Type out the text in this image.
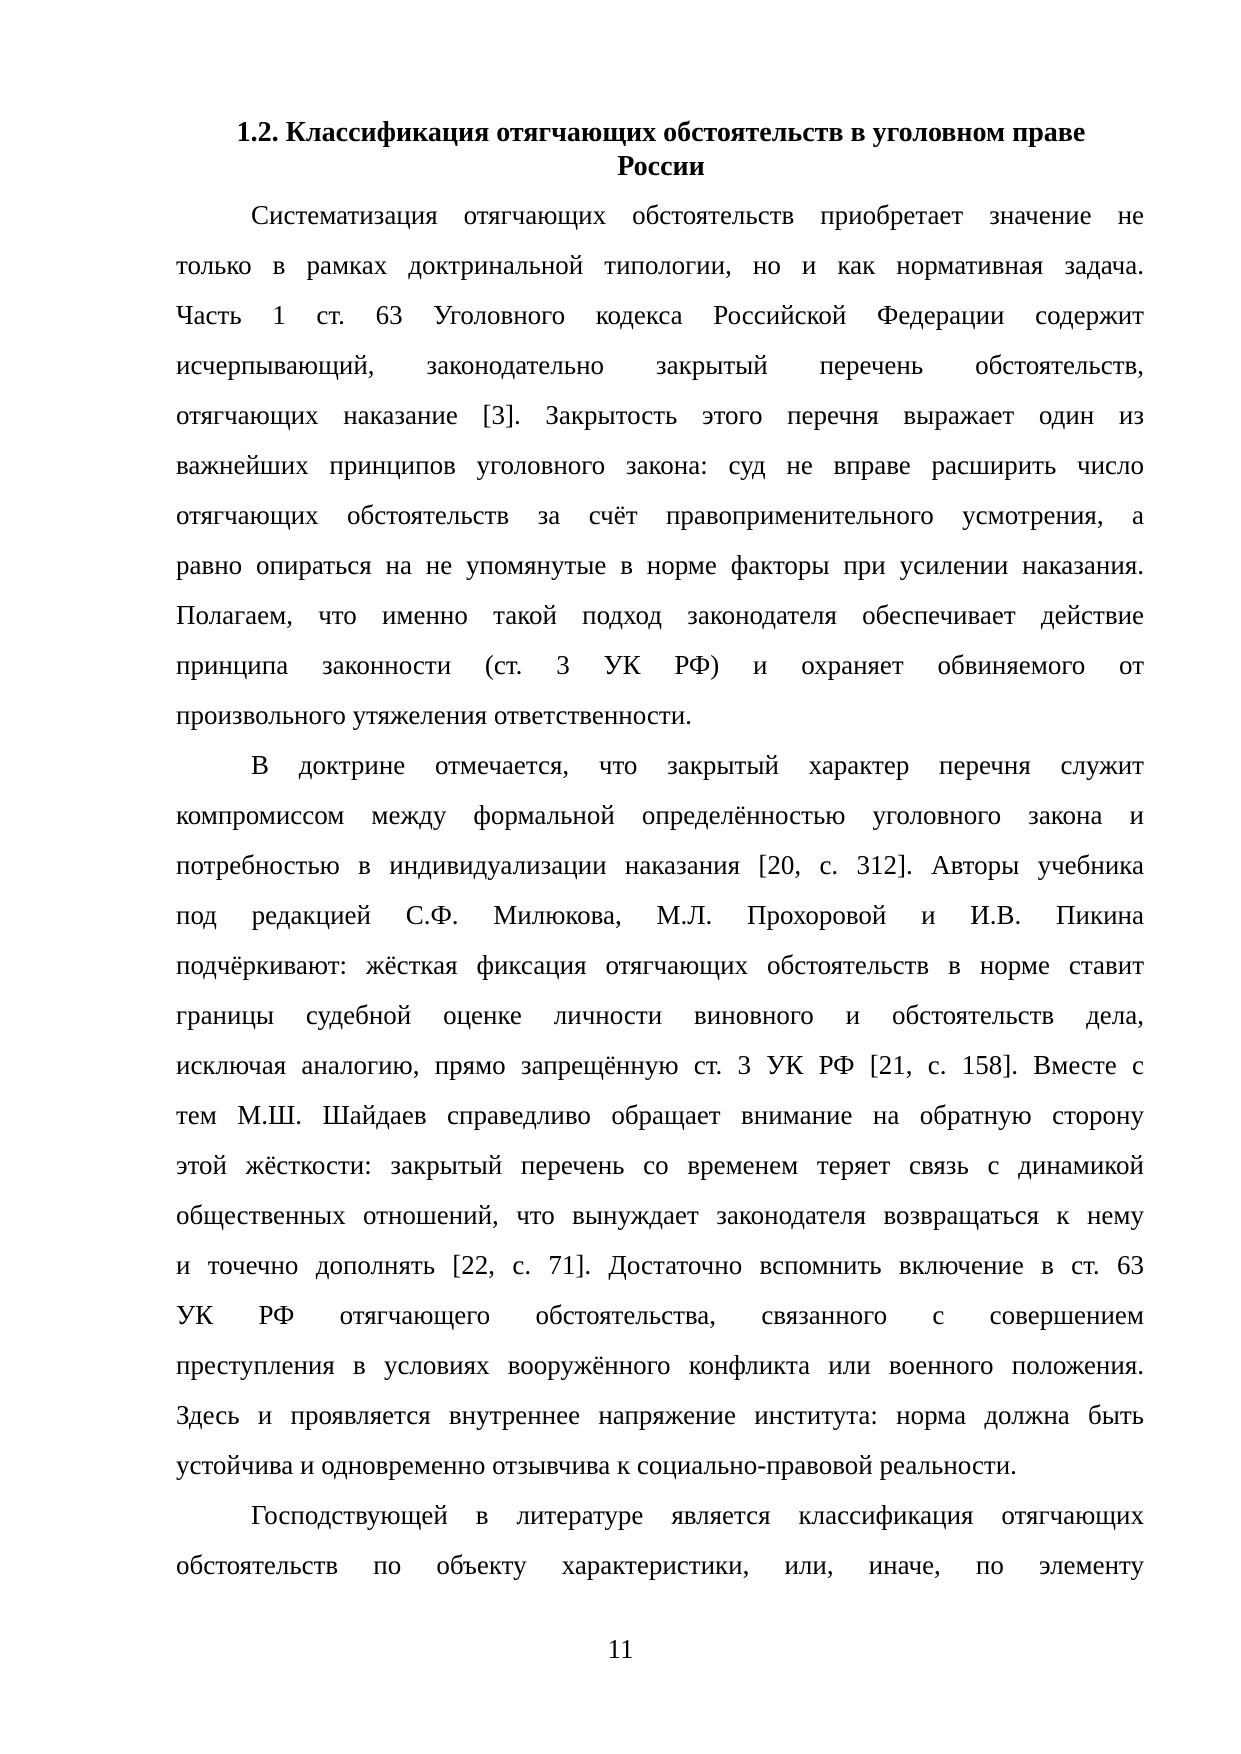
1.2. Классификация отягчающих обстоятельств в уголовном праве
России

Систематизация отягчающих обстоятельств приобретает значение не
только в рамках доктринальной типологии, но и как нормативная задача.
Часть 1 ст. 63 Уголовного кодекса Российской Федерации содержит
исчерпывающий, законодательно закрытый перечень обстоятельств,
отягчающих наказание [3]. Закрытость этого перечня выражает один из
важнейших принципов уголовного закона: суд не вправе расширить число
отягчающих обстоятельств за счёт правоприменительного усмотрения, а
равно опираться на не упомянутые в норме факторы при усилении наказания.
Полагаем, что именно такой подход законодателя обеспечивает действие
принципа законности (ст. 3 УК РФ) и охраняет обвиняемого от
произвольного утяжеления ответственности.

В доктрине отмечается, что закрытый характер перечня служит
компромиссом между формальной определённостью уголовного закона и
потребностью в индивидуализации наказания [20, с. 312]. Авторы учебника
под редакцией С.Ф. Милюкова, М.Л. Прохоровой и И.В. Пикина
подчёркивают: жёсткая фиксация отягчающих обстоятельств в норме ставит
границы судебной оценке личности виновного и обстоятельств дела,
исключая аналогию, прямо запрещённую ст. 3 УК РФ [21, с. 158]. Вместе с
тем М.Ш. Шайдаев справедливо обращает внимание на обратную сторону
этой жёсткости: закрытый перечень со временем теряет связь с динамикой
общественных отношений, что вынуждает законодателя возвращаться к нему
и точечно дополнять [22, с. 71]. Достаточно вспомнить включение в ст. 63
УК РФ отягчающего обстоятельства, связанного с совершением
преступления в условиях вооружённого конфликта или военного положения.
Здесь и проявляется внутреннее напряжение института: норма должна быть
устойчива и одновременно отзывчива к социально-правовой реальности.

Господствующей в литературе является классификация отягчающих
обстоятельств по объекту характеристики, или, иначе, по элементу

11
